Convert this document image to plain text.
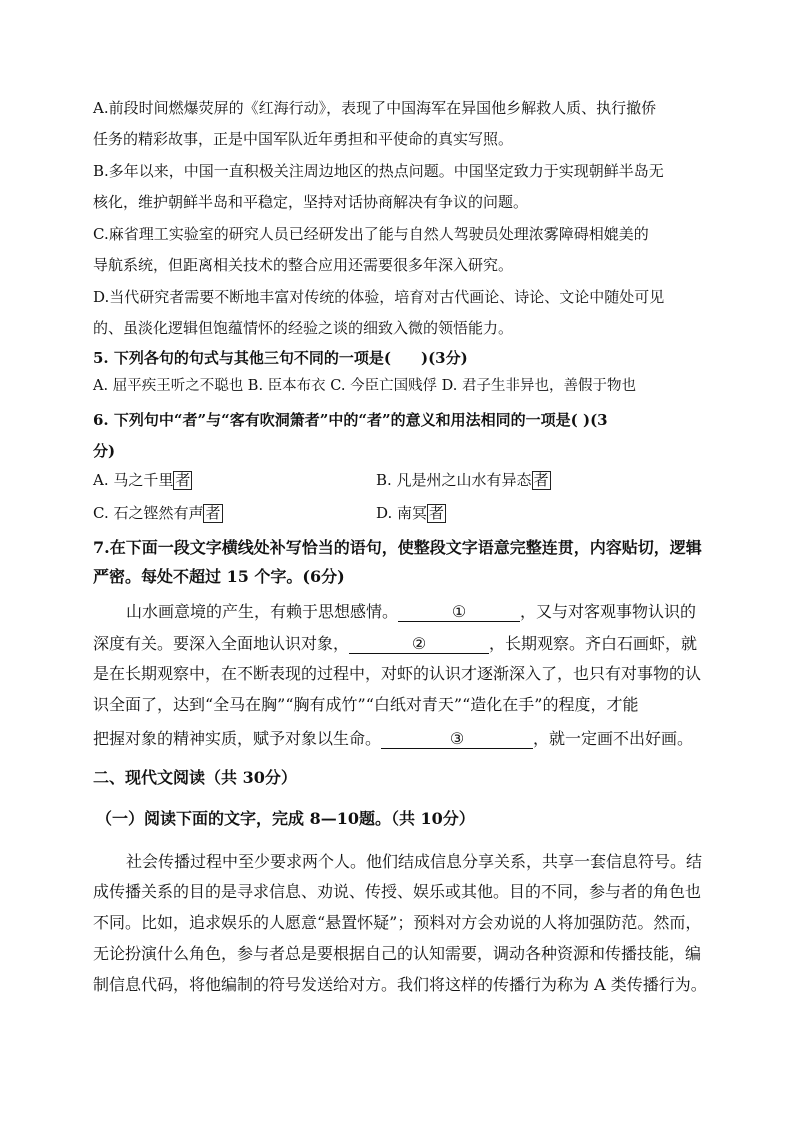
A.前段时间燃爆荧屏的《红海行动》，表现了中国海军在异国他乡解救人质、执行撤侨
任务的精彩故事，正是中国军队近年勇担和平使命的真实写照。
B.多年以来，中国一直积极关注周边地区的热点问题。中国坚定致力于实现朝鲜半岛无
核化，维护朝鲜半岛和平稳定，坚持对话协商解决有争议的问题。
C.麻省理工实验室的研究人员已经研发出了能与自然人驾驶员处理浓雾障碍相媲美的
导航系统，但距离相关技术的整合应用还需要很多年深入研究。
D.当代研究者需要不断地丰富对传统的体验，培育对古代画论、诗论、文论中随处可见
的、虽淡化逻辑但饱蕴情怀的经验之谈的细致入微的领悟能力。
5. 下列各句的句式与其他三句不同的一项是(　　)(3分)
A. 屈平疾王听之不聪也 B. 臣本布衣 C. 今臣亡国贱俘 D. 君子生非异也，善假于物也
6. 下列句中“者”与“客有吹洞箫者”中的“者”的意义和用法相同的一项是( )(3
分)
A. 马之千里 者	B. 凡是州之山水有异态 者
C. 石之铿然有声 者	D. 南冥 者
7.在下面一段文字横线处补写恰当的语句，使整段文字语意完整连贯，内容贴切，逻辑
严密。每处不超过 15 个字。(6分)
山水画意境的产生，有赖于思想感情。	①	，又与对客观事物认识的
深度有关。要深入全面地认识对象，	②	，长期观察。齐白石画虾，就
是在长期观察中，在不断表现的过程中，对虾的认识才逐渐深入了，也只有对事物的认
识全面了，达到“全马在胸”“胸有成竹”“白纸对青天”“造化在手”的程度，才能
把握对象的精神实质，赋予对象以生命。	③	，就一定画不出好画。
二、现代文阅读（共 30分）
（一）阅读下面的文字，完成 8—10题。（共 10分）
社会传播过程中至少要求两个人。他们结成信息分享关系，共享一套信息符号。结
成传播关系的目的是寻求信息、劝说、传授、娱乐或其他。目的不同，参与者的角色也
不同。比如，追求娱乐的人愿意“悬置怀疑”；预料对方会劝说的人将加强防范。然而，
无论扮演什么角色，参与者总是要根据自己的认知需要，调动各种资源和传播技能，编
制信息代码，将他编制的符号发送给对方。我们将这样的传播行为称为 A 类传播行为。
